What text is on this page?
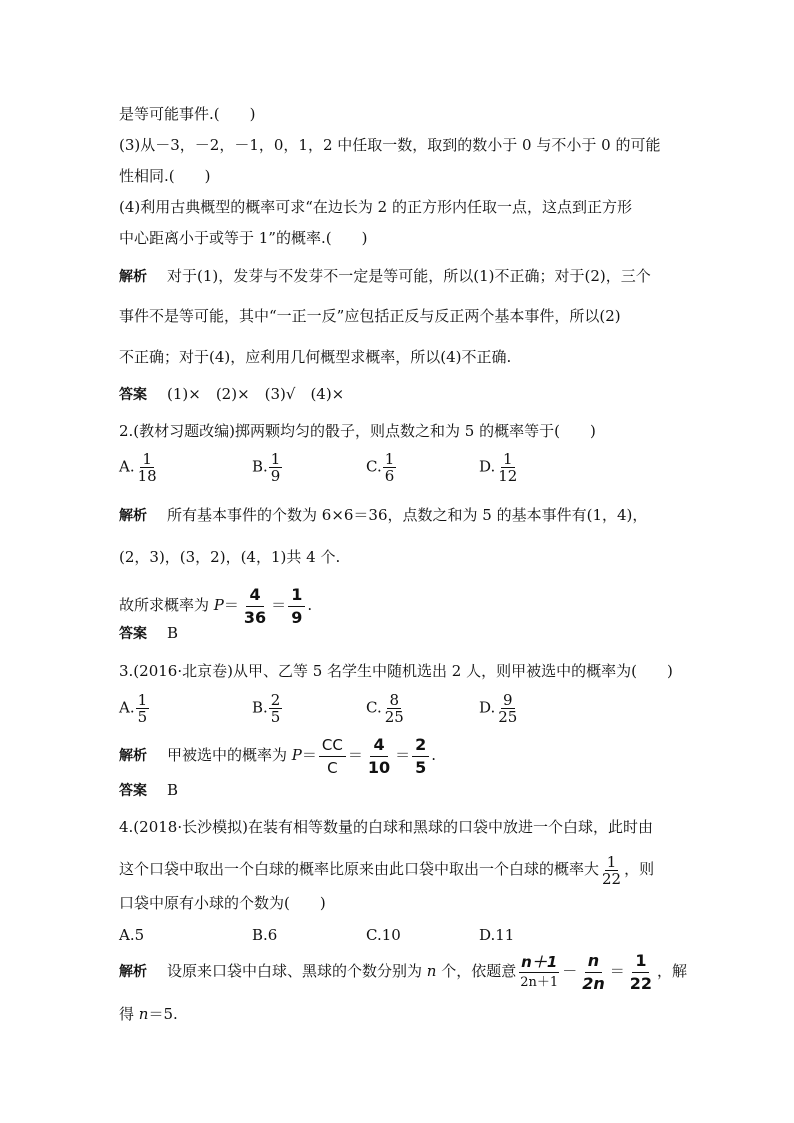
是等可能事件.(　　)
(3)从－3，－2，－1，0，1，2 中任取一数，取到的数小于 0 与不小于 0 的可能
性相同.(　　)
(4)利用古典概型的概率可求“在边长为 2 的正方形内任取一点，这点到正方形
中心距离小于或等于 1”的概率.(　　)
解析 对于(1)，发芽与不发芽不一定是等可能，所以(1)不正确；对于(2)，三个
事件不是等可能，其中“一正一反”应包括正反与反正两个基本事件，所以(2)
不正确；对于(4)，应利用几何概型求概率，所以(4)不正确.
答案 (1)×　(2)×　(3)√　(4)×
2.(教材习题改编)掷两颗均匀的骰子，则点数之和为 5 的概率等于(　　)
A. $\frac{1}{18}$	B. $\frac{1}{9}$	C. $\frac{1}{6}$	D. $\frac{1}{12}$
解析 所有基本事件的个数为 6×6＝36，点数之和为 5 的基本事件有(1，4)，
(2，3)，(3，2)，(4，1)共 4 个.
故所求概率为 $P= \frac{4}{36} = \frac{1}{9}$ .
答案 B
3.(2016·北京卷)从甲、乙等 5 名学生中随机选出 2 人，则甲被选中的概率为(　　)
A. $\frac{1}{5}$	B. $\frac{2}{5}$	C. $\frac{8}{25}$	D. $\frac{9}{25}$
解析 甲被选中的概率为 $P= \frac{CC}{C} = \frac{4}{10} = \frac{2}{5}$ .
答案 B
4.(2018·长沙模拟)在装有相等数量的白球和黑球的口袋中放进一个白球，此时由
这个口袋中取出一个白球的概率比原来由此口袋中取出一个白球的概率大 $\frac{1}{22}$ ，则
口袋中原有小球的个数为(　　)
A.5	B.6	C.10	D.11
解析 设原来口袋中白球、黑球的个数分别为 n 个，依题意 $\frac{n+1}{2n+1} - \frac{n}{2n} = \frac{1}{22}$ ，解
得 n＝5.
